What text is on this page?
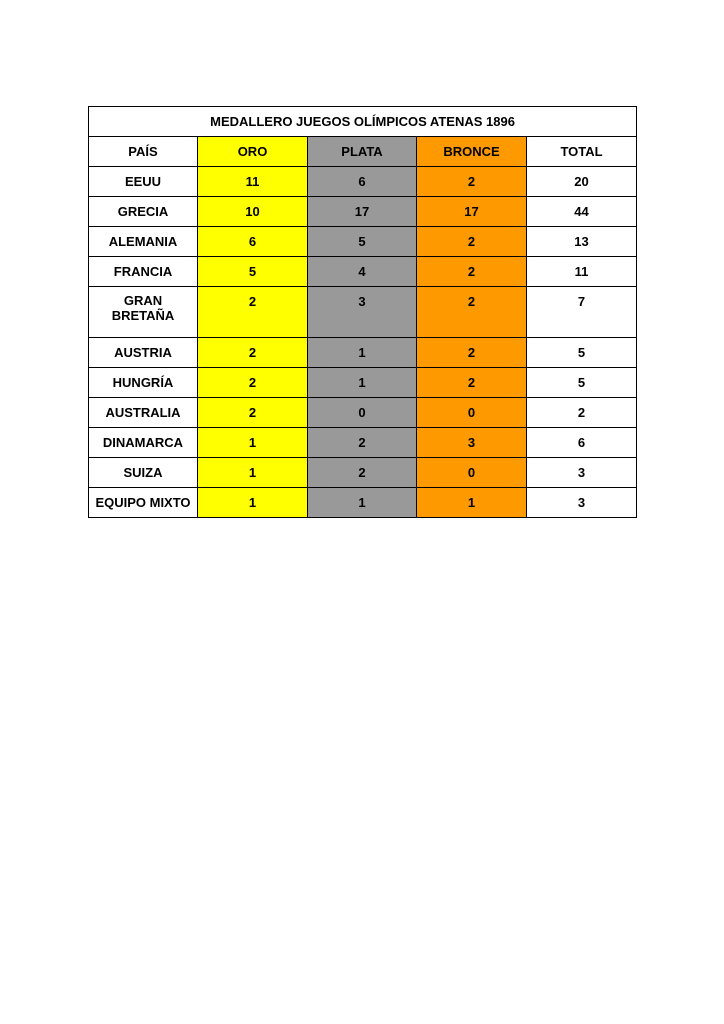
MEDALLERO JUEGOS OLÍMPICOS ATENAS 1896				
PAÍS	ORO	PLATA	BRONCE	TOTAL
EEUU	11	6	2	20
GRECIA	10	17	17	44
ALEMANIA	6	5	2	13
FRANCIA	5	4	2	11

GRAN
BRETAÑA	2	3	2	7
AUSTRIA	2	1	2	5
HUNGRÍA	2	1	2	5
AUSTRALIA	2	0	0	2
DINAMARCA	1	2	3	6
SUIZA	1	2	0	3
EQUIPO MIXTO	1	1	1	3
